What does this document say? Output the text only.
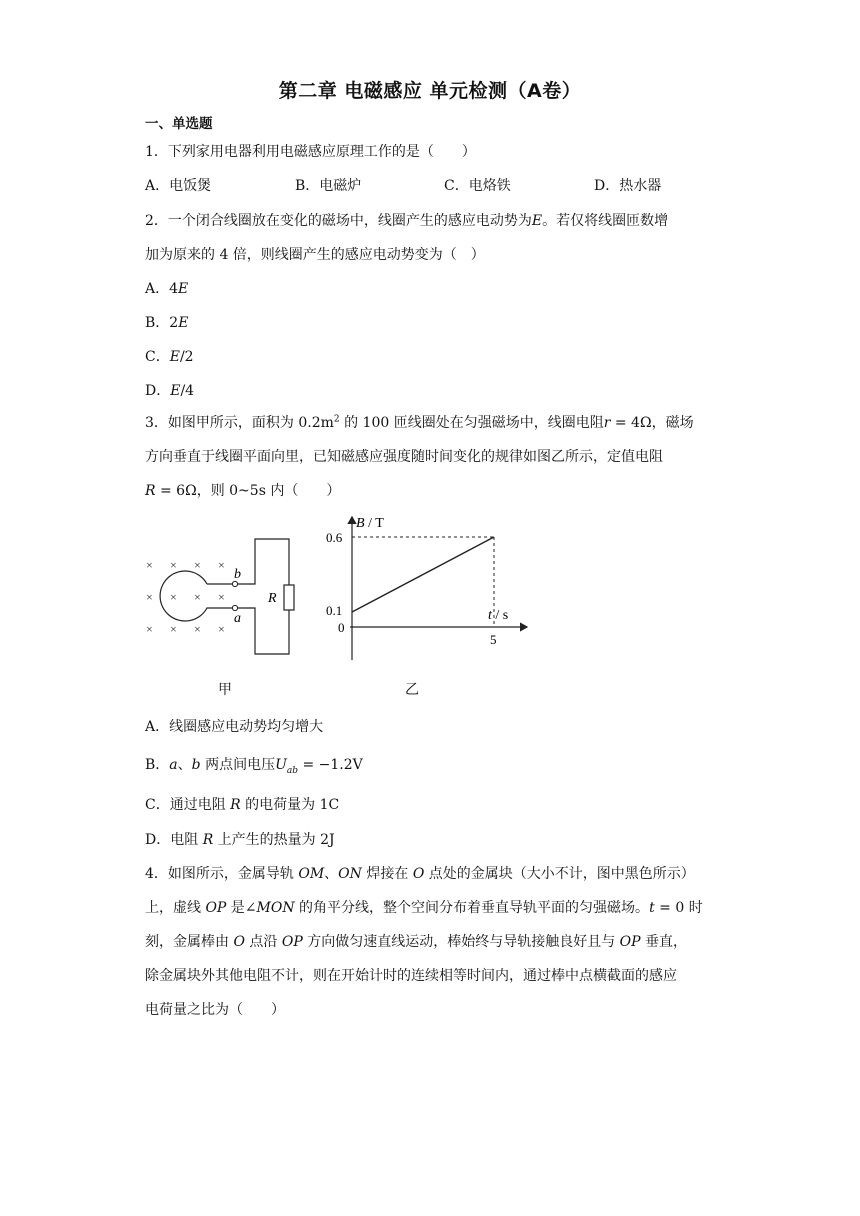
第二章 电磁感应 单元检测（A卷）
一、单选题
1．下列家用电器利用电磁感应原理工作的是（　　）
A．电饭煲	B．电磁炉	C．电烙铁	D．热水器
2．一个闭合线圈放在变化的磁场中，线圈产生的感应电动势为E。若仅将线圈匝数增
加为原来的 4 倍，则线圈产生的感应电动势变为（　）
A．4E
B．2E
C．E/2
D．E/4
3．如图甲所示，面积为 $0.2m^2$ 的 100 匝线圈处在匀强磁场中，线圈电阻r = 4Ω，磁场
方向垂直于线圈平面向里，已知磁感应强度随时间变化的规律如图乙所示，定值电阻
R = 6Ω，则 0~5s 内（　　）
× × × ×
× × × ×
× × × ×
b
a
R
甲
0.6
0.1
5
B / T
t / s
0
乙
A．线圈感应电动势均匀增大
B．a、b 两点间电压$U_{ab} = -1.2V$
C．通过电阻 R 的电荷量为 1C
D．电阻 R 上产生的热量为 2J
4．如图所示，金属导轨 OM、ON 焊接在 O 点处的金属块（大小不计，图中黑色所示）
上，虚线 OP 是∠MON 的角平分线，整个空间分布着垂直导轨平面的匀强磁场。t = 0 时
刻，金属棒由 O 点沿 OP 方向做匀速直线运动，棒始终与导轨接触良好且与 OP 垂直，
除金属块外其他电阻不计，则在开始计时的连续相等时间内，通过棒中点横截面的感应
电荷量之比为（　　）
